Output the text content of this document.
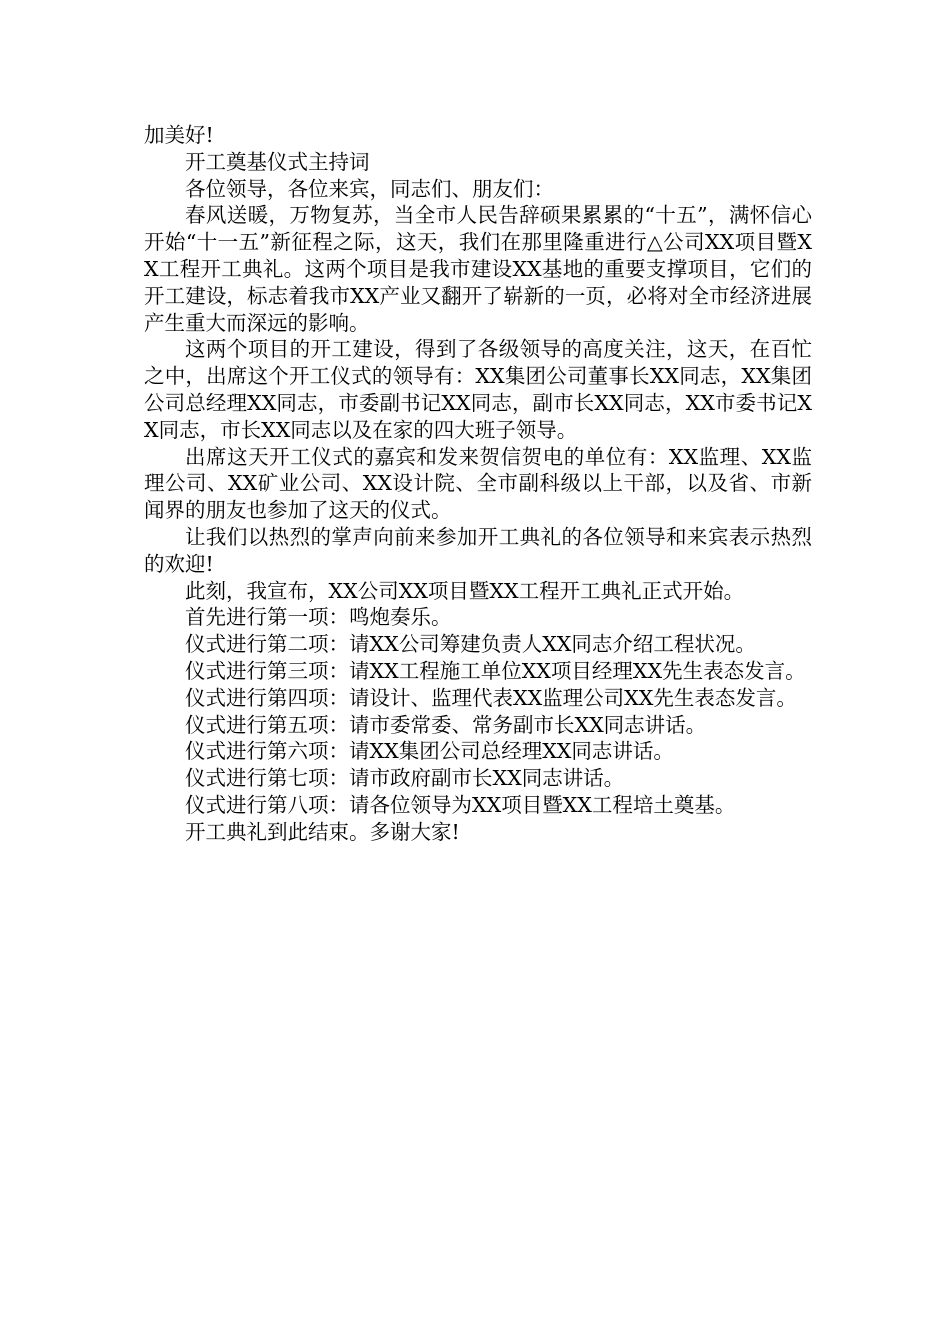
加美好!

开工奠基仪式主持词

各位领导，各位来宾，同志们、朋友们：

春风送暖，万物复苏，当全市人民告辞硕果累累的“十五”，满怀信心开始“十一五”新征程之际，这天，我们在那里隆重进行△公司XX项目暨XX工程开工典礼。这两个项目是我市建设XX基地的重要支撑项目，它们的开工建设，标志着我市XX产业又翻开了崭新的一页，必将对全市经济进展产生重大而深远的影响。

这两个项目的开工建设，得到了各级领导的高度关注，这天，在百忙之中，出席这个开工仪式的领导有：XX集团公司董事长XX同志，XX集团公司总经理XX同志，市委副书记XX同志，副市长XX同志，XX市委书记XX同志，市长XX同志以及在家的四大班子领导。

出席这天开工仪式的嘉宾和发来贺信贺电的单位有：XX监理、XX监理公司、XX矿业公司、XX设计院、全市副科级以上干部，以及省、市新闻界的朋友也参加了这天的仪式。

让我们以热烈的掌声向前来参加开工典礼的各位领导和来宾表示热烈的欢迎!

此刻，我宣布，XX公司XX项目暨XX工程开工典礼正式开始。

首先进行第一项：鸣炮奏乐。

仪式进行第二项：请XX公司筹建负责人XX同志介绍工程状况。

仪式进行第三项：请XX工程施工单位XX项目经理XX先生表态发言。

仪式进行第四项：请设计、监理代表XX监理公司XX先生表态发言。

仪式进行第五项：请市委常委、常务副市长XX同志讲话。

仪式进行第六项：请XX集团公司总经理XX同志讲话。

仪式进行第七项：请市政府副市长XX同志讲话。

仪式进行第八项：请各位领导为XX项目暨XX工程培土奠基。

开工典礼到此结束。多谢大家!
